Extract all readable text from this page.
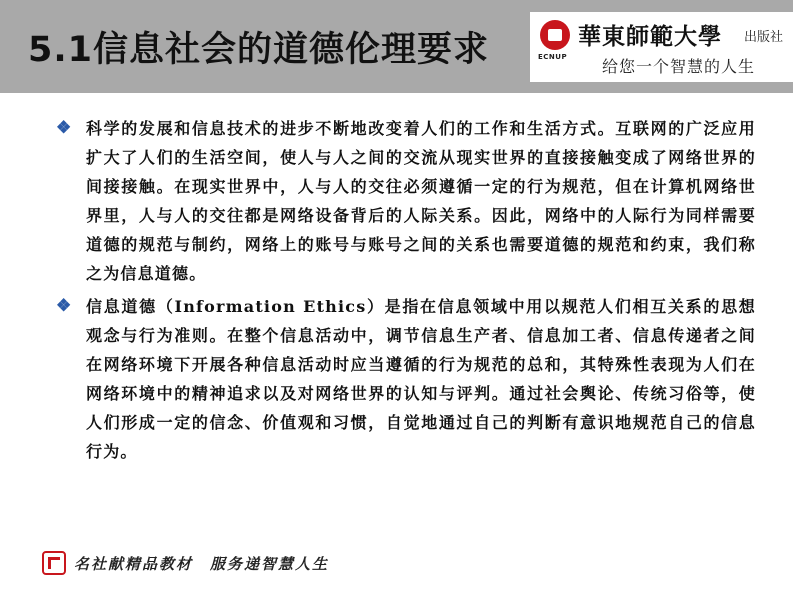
5.1信息社会的道德伦理要求	ECNUP
華東師範大學 出版社
给您一个智慧的人生

❖ 科学的发展和信息技术的进步不断地改变着人们的工作和生活方式。互联网的广泛应用扩大了人们的生活空间，使人与人之间的交流从现实世界的直接接触变成了网络世界的间接接触。在现实世界中，人与人的交往必须遵循一定的行为规范，但在计算机网络世界里，人与人的交往都是网络设备背后的人际关系。因此，网络中的人际行为同样需要道德的规范与制约，网络上的账号与账号之间的关系也需要道德的规范和约束，我们称之为信息道德。

❖ 信息道德（Information Ethics）是指在信息领域中用以规范人们相互关系的思想观念与行为准则。在整个信息活动中，调节信息生产者、信息加工者、信息传递者之间在网络环境下开展各种信息活动时应当遵循的行为规范的总和，其特殊性表现为人们在网络环境中的精神追求以及对网络世界的认知与评判。通过社会舆论、传统习俗等，使人们形成一定的信念、价值观和习惯，自觉地通过自己的判断有意识地规范自己的信息行为。

名社献精品教材　服务递智慧人生
